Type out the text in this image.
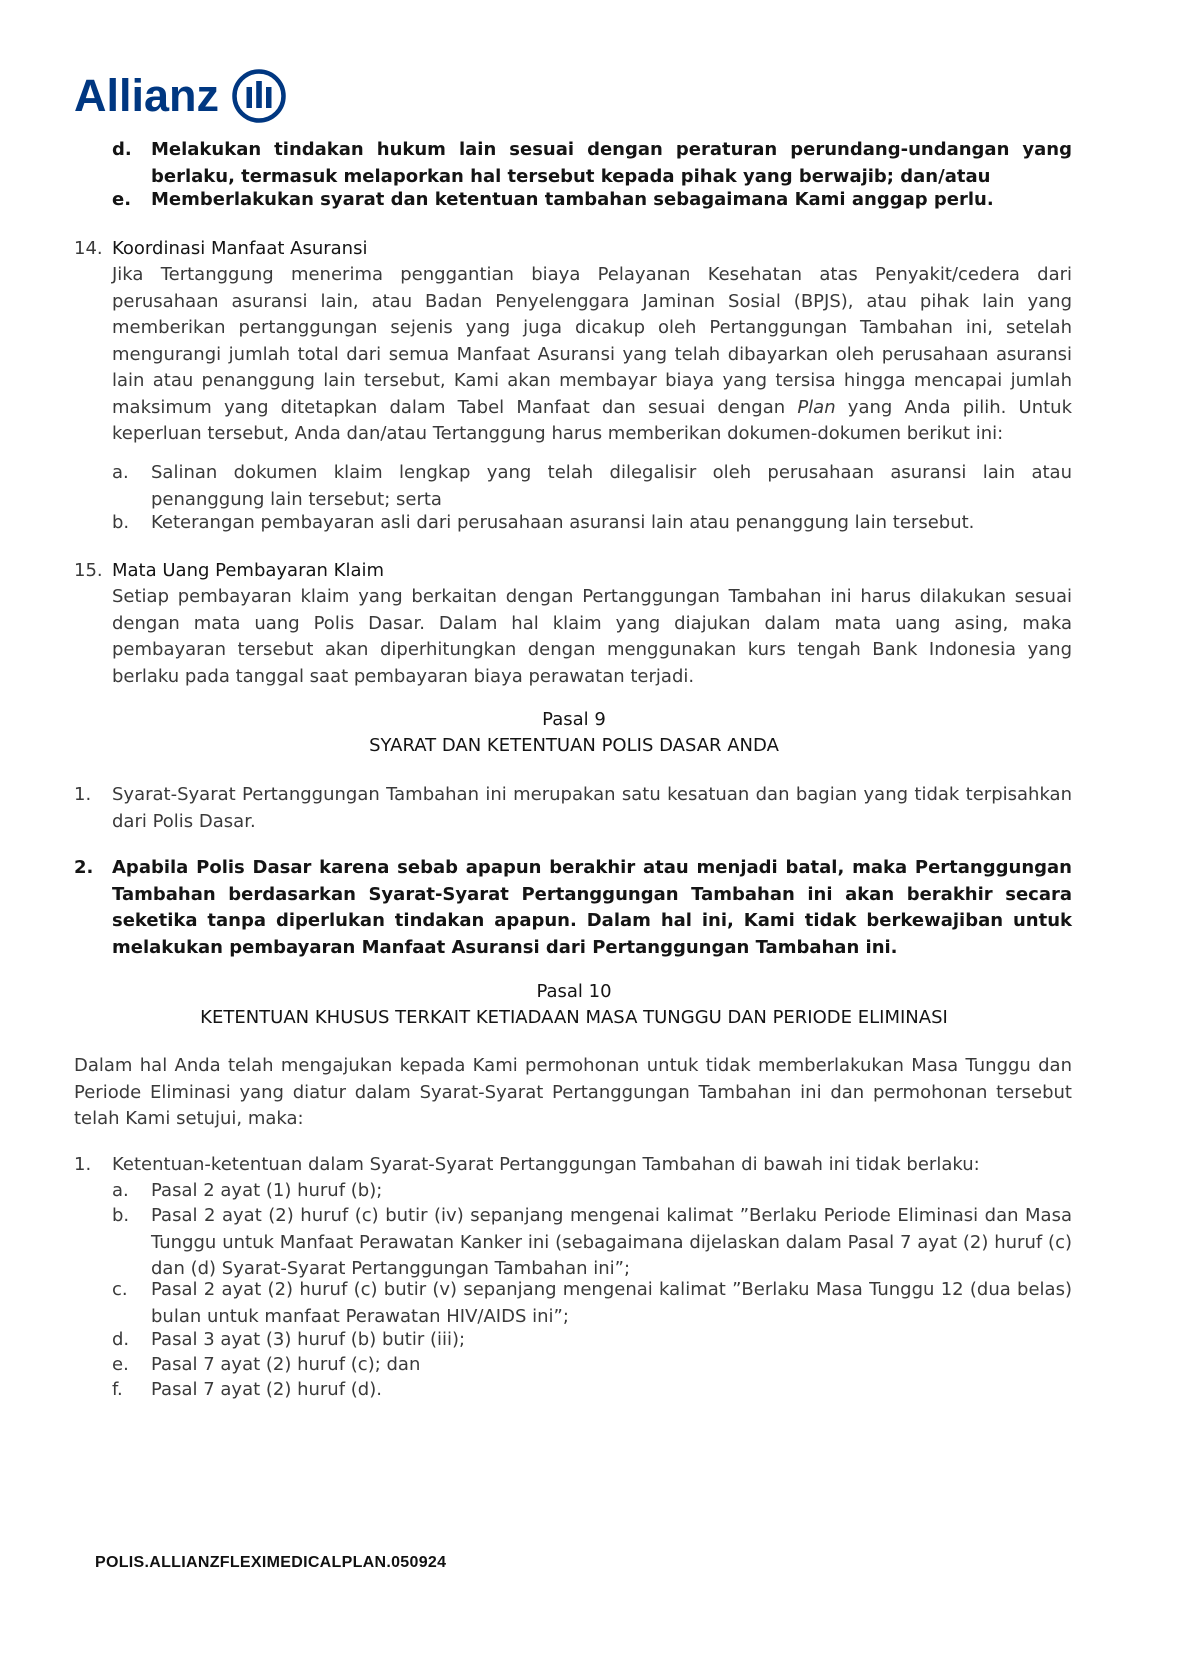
Allianz
d.	Melakukan tindakan hukum lain sesuai dengan peraturan perundang-undangan yang berlaku, termasuk melaporkan hal tersebut kepada pihak yang berwajib; dan/atau
e.	Memberlakukan syarat dan ketentuan tambahan sebagaimana Kami anggap perlu.
14. Koordinasi Manfaat Asuransi
Jika Tertanggung menerima penggantian biaya Pelayanan Kesehatan atas Penyakit/cedera dari perusahaan asuransi lain, atau Badan Penyelenggara Jaminan Sosial (BPJS), atau pihak lain yang memberikan pertanggungan sejenis yang juga dicakup oleh Pertanggungan Tambahan ini, setelah mengurangi jumlah total dari semua Manfaat Asuransi yang telah dibayarkan oleh perusahaan asuransi lain atau penanggung lain tersebut, Kami akan membayar biaya yang tersisa hingga mencapai jumlah maksimum yang ditetapkan dalam Tabel Manfaat dan sesuai dengan Plan yang Anda pilih. Untuk keperluan tersebut, Anda dan/atau Tertanggung harus memberikan dokumen-dokumen berikut ini:
a.	Salinan dokumen klaim lengkap yang telah dilegalisir oleh perusahaan asuransi lain atau penanggung lain tersebut; serta
b.	Keterangan pembayaran asli dari perusahaan asuransi lain atau penanggung lain tersebut.
15. Mata Uang Pembayaran Klaim
Setiap pembayaran klaim yang berkaitan dengan Pertanggungan Tambahan ini harus dilakukan sesuai dengan mata uang Polis Dasar. Dalam hal klaim yang diajukan dalam mata uang asing, maka pembayaran tersebut akan diperhitungkan dengan menggunakan kurs tengah Bank Indonesia yang berlaku pada tanggal saat pembayaran biaya perawatan terjadi.
Pasal 9
SYARAT DAN KETENTUAN POLIS DASAR ANDA
1.	Syarat-Syarat Pertanggungan Tambahan ini merupakan satu kesatuan dan bagian yang tidak terpisahkan dari Polis Dasar.
2.	Apabila Polis Dasar karena sebab apapun berakhir atau menjadi batal, maka Pertanggungan Tambahan berdasarkan Syarat-Syarat Pertanggungan Tambahan ini akan berakhir secara seketika tanpa diperlukan tindakan apapun. Dalam hal ini, Kami tidak berkewajiban untuk melakukan pembayaran Manfaat Asuransi dari Pertanggungan Tambahan ini.
Pasal 10
KETENTUAN KHUSUS TERKAIT KETIADAAN MASA TUNGGU DAN PERIODE ELIMINASI
Dalam hal Anda telah mengajukan kepada Kami permohonan untuk tidak memberlakukan Masa Tunggu dan Periode Eliminasi yang diatur dalam Syarat-Syarat Pertanggungan Tambahan ini dan permohonan tersebut telah Kami setujui, maka:
1.	Ketentuan-ketentuan dalam Syarat-Syarat Pertanggungan Tambahan di bawah ini tidak berlaku:
a.	Pasal 2 ayat (1) huruf (b);
b.	Pasal 2 ayat (2) huruf (c) butir (iv) sepanjang mengenai kalimat ”Berlaku Periode Eliminasi dan Masa Tunggu untuk Manfaat Perawatan Kanker ini (sebagaimana dijelaskan dalam Pasal 7 ayat (2) huruf (c) dan (d) Syarat-Syarat Pertanggungan Tambahan ini”;
c.	Pasal 2 ayat (2) huruf (c) butir (v) sepanjang mengenai kalimat ”Berlaku Masa Tunggu 12 (dua belas) bulan untuk manfaat Perawatan HIV/AIDS ini”;
d.	Pasal 3 ayat (3) huruf (b) butir (iii);
e.	Pasal 7 ayat (2) huruf (c); dan
f.	Pasal 7 ayat (2) huruf (d).
POLIS.ALLIANZFLEXIMEDICALPLAN.050924
